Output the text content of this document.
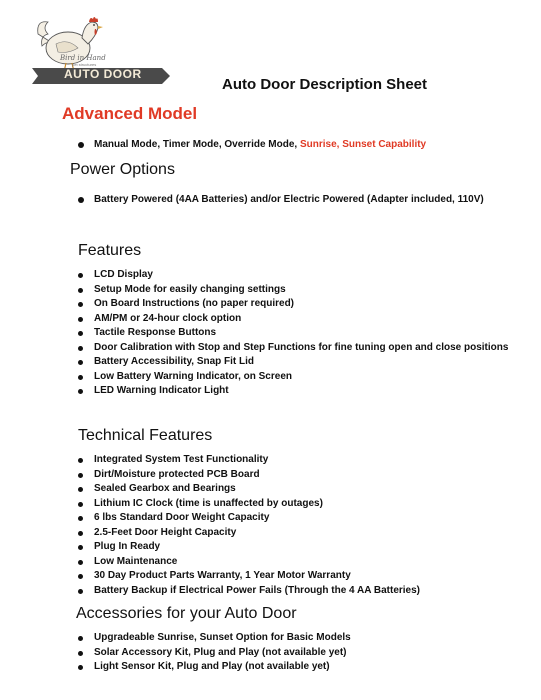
Bird in Hand
pet structures
AUTO DOOR
Auto Door Description Sheet
Advanced Model
Manual Mode, Timer Mode, Override Mode, Sunrise, Sunset Capability
Power Options
Battery Powered (4AA Batteries) and/or Electric Powered (Adapter included, 110V)
Features
LCD Display
Setup Mode for easily changing settings
On Board Instructions (no paper required)
AM/PM or 24-hour clock option
Tactile Response Buttons
Door Calibration with Stop and Step Functions for fine tuning open and close positions
Battery Accessibility, Snap Fit Lid
Low Battery Warning Indicator, on Screen
LED Warning Indicator Light
Technical Features
Integrated System Test Functionality
Dirt/Moisture protected PCB Board
Sealed Gearbox and Bearings
Lithium IC Clock (time is unaffected by outages)
6 lbs Standard Door Weight Capacity
2.5-Feet Door Height Capacity
Plug In Ready
Low Maintenance
30 Day Product Parts Warranty, 1 Year Motor Warranty
Battery Backup if Electrical Power Fails (Through the 4 AA Batteries)
Accessories for your Auto Door
Upgradeable Sunrise, Sunset Option for Basic Models
Solar Accessory Kit, Plug and Play (not available yet)
Light Sensor Kit, Plug and Play (not available yet)
